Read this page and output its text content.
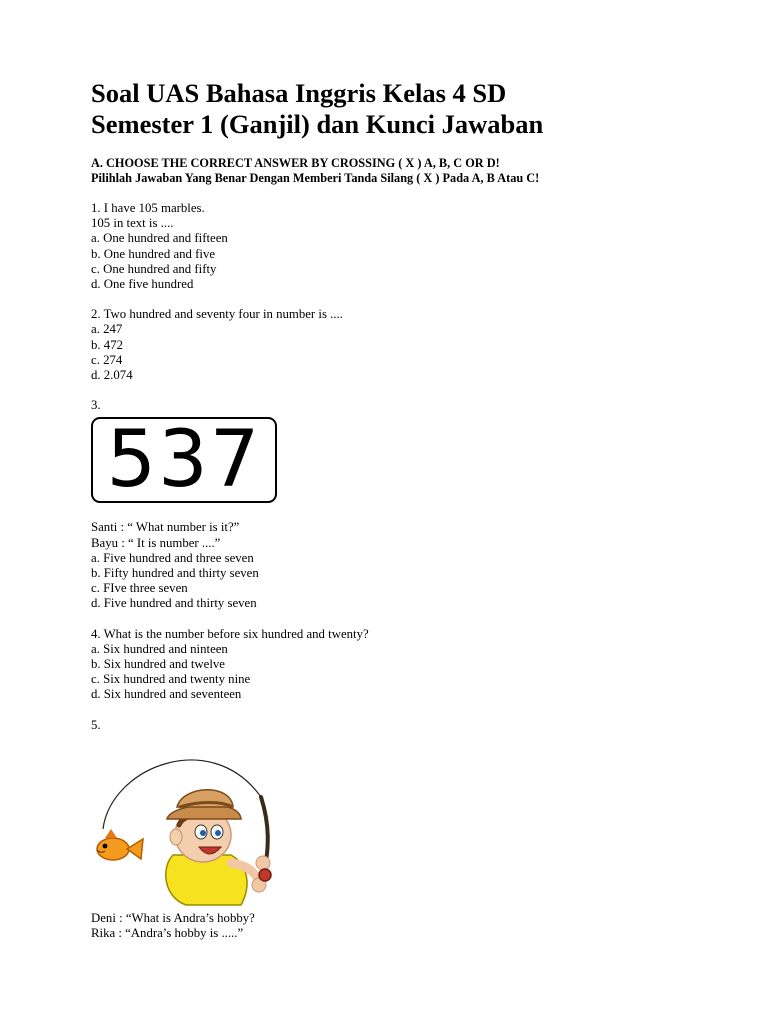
Soal UAS Bahasa Inggris Kelas 4 SD
Semester 1 (Ganjil) dan Kunci Jawaban
A. CHOOSE THE CORRECT ANSWER BY CROSSING ( X ) A, B, C OR D!
Pilihlah Jawaban Yang Benar Dengan Memberi Tanda Silang ( X ) Pada A, B Atau C!
1. I have 105 marbles.
105 in text is ....
a. One hundred and fifteen
b. One hundred and five
c. One hundred and fifty
d. One five hundred
2. Two hundred and seventy four in number is ....
a. 247
b. 472
c. 274
d. 2.074
3.
537
Santi : “ What number is it?”
Bayu : “ It is number ....”
a. Five hundred and three seven
b. Fifty hundred and thirty seven
c. FIve three seven
d. Five hundred and thirty seven
4. What is the number before six hundred and twenty?
a. Six hundred and ninteen
b. Six hundred and twelve
c. Six hundred and twenty nine
d. Six hundred and seventeen
5.
Deni : “What is Andra’s hobby?
Rika : “Andra’s hobby is .....”
